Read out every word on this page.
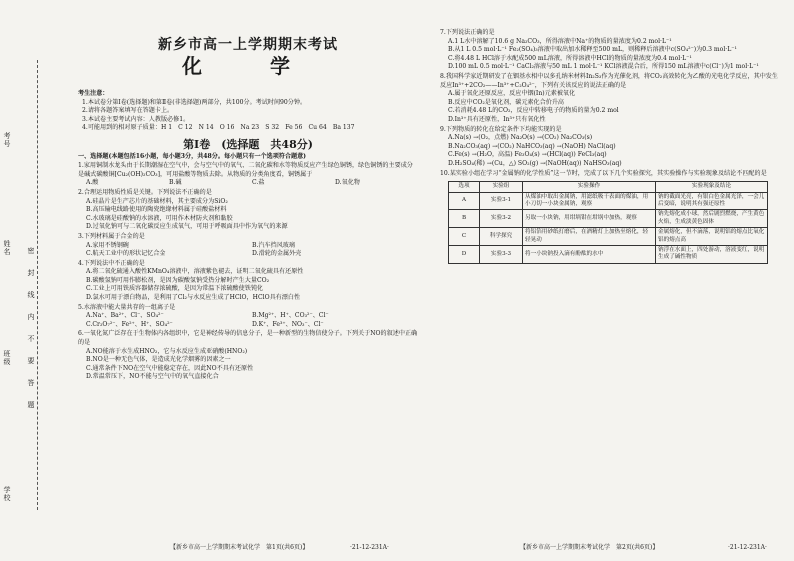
考号
姓名
班级
学校
密
封
线
内
不
要
答
题
新乡市高一上学期期末考试
化　学
考生注意：
1.本试卷分第Ⅰ卷(选择题)和第Ⅱ卷(非选择题)两部分，共100分。考试时间90分钟。
2.请将各题答案填写在答题卡上。
3.本试卷主要考试内容：人教版必修1。
4.可能用到的相对原子质量：H 1　C 12　N 14　O 16　Na 23　S 32　Fe 56　Cu 64　Ba 137
第Ⅰ卷　(选择题　共48分)
一、选择题(本题包括16小题，每小题3分，共48分。每小题只有一个选项符合题意)
1.家用铜制水龙头由于长期潮湿在空气中，会与空气中的氧气、二氧化碳和水等物质反应产生绿色铜锈，绿色铜锈的主要成分是碱式碳酸铜[Cu₂(OH)₂CO₃]，可用盐酸等物质去除。从物质的分类角度看，铜锈属于
A.酸	B.碱	C.盐	D.氧化物
2.合理运用物质性质是关键。下列说法不正确的是
A.硅晶片是生产芯片的基础材料，其主要成分为SiO₂
B.高压输电线路使用的陶瓷绝缘材料属于硅酸盐材料
C.水玻璃是硅酸钠的水溶液，可用作木材防火剂和黏胶
D.过氧化钠可与二氧化碳反应生成氧气，可用于呼吸面具中作为氧气的来源
3.下列材料属于合金的是
A.家用不锈钢碗	B.汽车挡风玻璃
C.航天工业中的形状记忆合金	D.滑轮的金属外壳
4.下列说法中不正确的是
A.将二氧化硫通入酸性KMnO₄溶液中，溶液紫色褪去，证明二氧化硫具有还原性
B.碳酸氢钠可用作膨松剂，是因为碳酸氢钠受热分解时产生大量CO₂
C.工业上可用铁质容器储存浓硫酸，是因为常温下浓硫酸使铁钝化
D.氯水可用于漂白物品，是利用了Cl₂与水反应生成了HClO，HClO具有漂白性
5.水溶液中能大量共存的一组离子是
A.Na⁺、Ba²⁺、Cl⁻、SO₄²⁻	B.Mg²⁺、H⁺、CO₃²⁻、Cl⁻
C.Cr₂O₇²⁻、Fe²⁺、H⁺、SO₄²⁻	D.K⁺、Fe³⁺、NO₃⁻、Cl⁻
6.一氧化氮广泛存在于生物体内各组织中，它是神经传导的信息分子，是一种新型的生物信使分子。下列关于NO的叙述中正确的是
A.NO能溶于水生成HNO₂，它与水反应生成亚硝酸(HNO₂)
B.NO是一种无色气体，是造成光化学烟雾的因素之一
C.通常条件下NO在空气中能稳定存在，因此NO不具有还原性
D.常温常压下，NO不能与空气中的氧气直接化合
7.下列说法正确的是
A.1 L水中溶解了10.6 g Na₂CO₃，所得溶液中Na⁺的物质的量浓度为0.2 mol·L⁻¹
B.从1 L 0.5 mol·L⁻¹ Fe₂(SO₄)₃溶液中取出加水稀释至500 mL，则稀释后溶液中c(SO₄²⁻)为0.3 mol·L⁻¹
C.将4.48 L HCl溶于水配成500 mL溶液，所得溶液中HCl的物质的量浓度为0.4 mol·L⁻¹
D.100 mL 0.5 mol·L⁻¹ CaCl₂溶液与50 mL 1 mol·L⁻¹ KCl溶液混合后，所得150 mL溶液中c(Cl⁻)为1 mol·L⁻¹
8.我国科学家近期研发了在铟基水相中以多孔纳米材料In₂S₃作为光催化剂，将CO₂高效转化为乙酸的光电化学反应，其中发生反应In³⁺+2CO₂——In³⁺+C₂O₄²⁻，下列有关该反应的说法正确的是
A.属于氧化还原反应，反应中铟(In)元素被氧化
B.反应中CO₂是氧化剂，碳元素化合价升高
C.若消耗4.48 L的CO₂，反应中转移电子的物质的量为0.2 mol
D.In³⁺具有还原性，In³⁺只有氧化性
9.下列物质的转化在给定条件下均能实现的是
A.Na(s) →(O₂，点燃) Na₂O(s) →(CO₂) Na₂CO₃(s)
B.Na₂CO₃(aq) →(CO₂) NaHCO₃(aq) →(NaOH) NaCl(aq)
C.Fe(s) →(H₂O，高温) Fe₃O₄(s) →(HCl(aq)) FeCl₃(aq)
D.H₂SO₄(稀) →(Cu，△) SO₂(g) →(NaOH(aq)) NaHSO₃(aq)
10.某实验小组在学习“金属钠的化学性质”这一节时，完成了以下几个实验探究，其实验操作与实验现象及结论不匹配的是
选项	实验组	实验操作	实验现象及结论
A	实验3-1	从煤油中取出金属钠，用滤纸吸干表面的煤油，用小刀切一小块金属钠，观察	钠的截面光亮，有银白色金属光泽，一会儿后变暗，说明其有强还原性
B	实验3-2	另取一小块钠，用坩埚钳在坩埚中加热，观察	钠先熔化成小球，然后剧烈燃烧，产生黄色火焰，生成淡黄色固体
C	科学探究	将铝箔用砂纸打磨后，在酒精灯上加热至熔化，轻轻晃动	金属熔化，但不滴落，说明铝的熔点比氧化铝的熔点高
D	实验3-3	将一小块钠投入滴有酚酞的水中	钠浮在水面上，四处游动，溶液变红，说明生成了碱性物质
【新乡市高一上学期期末考试化学　第1页(共6页)】	·21-12-231A·	【新乡市高一上学期期末考试化学　第2页(共6页)】	·21-12-231A·
